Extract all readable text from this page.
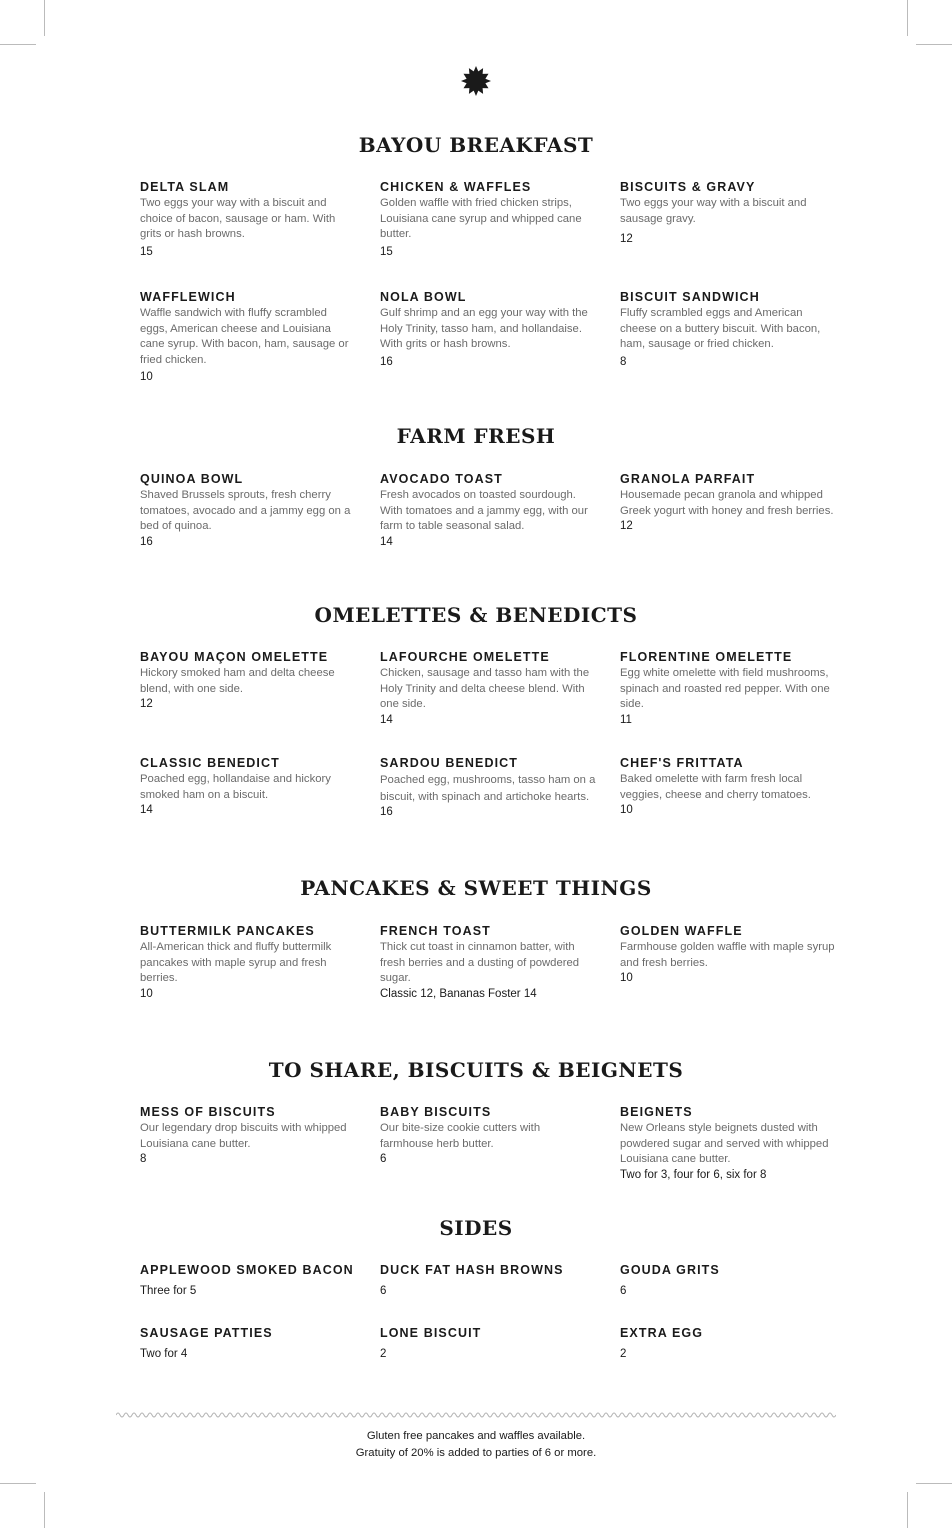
BAYOU BREAKFAST

DELTA SLAM

Two eggs your way with a biscuit and choice of bacon, sausage or ham. With grits or hash browns.

15

CHICKEN & WAFFLES

Golden waffle with fried chicken strips, Louisiana cane syrup and whipped cane butter.

15

BISCUITS & GRAVY

Two eggs your way with a biscuit and sausage gravy.

12

WAFFLEWICH

Waffle sandwich with fluffy scrambled eggs, American cheese and Louisiana cane syrup. With bacon, ham, sausage or fried chicken.

10

NOLA BOWL

Gulf shrimp and an egg your way with the Holy Trinity, tasso ham, and hollandaise. With grits or hash browns.

16

BISCUIT SANDWICH

Fluffy scrambled eggs and American cheese on a buttery biscuit. With bacon, ham, sausage or fried chicken.

8

FARM FRESH

QUINOA BOWL

Shaved Brussels sprouts, fresh cherry tomatoes, avocado and a jammy egg on a bed of quinoa.

16

AVOCADO TOAST

Fresh avocados on toasted sourdough. With tomatoes and a jammy egg, with our farm to table seasonal salad.

14

GRANOLA PARFAIT

Housemade pecan granola and whipped Greek yogurt with honey and fresh berries.

12

OMELETTES & BENEDICTS

BAYOU MAÇON OMELETTE

Hickory smoked ham and delta cheese blend, with one side.

12

LAFOURCHE OMELETTE

Chicken, sausage and tasso ham with the Holy Trinity and delta cheese blend. With one side.

14

FLORENTINE OMELETTE

Egg white omelette with field mushrooms, spinach and roasted red pepper. With one side.

11

CLASSIC BENEDICT

Poached egg, hollandaise and hickory smoked ham on a biscuit.

14

SARDOU BENEDICT

Poached egg, mushrooms, tasso ham on a biscuit, with spinach and artichoke hearts.

16

CHEF'S FRITTATA

Baked omelette with farm fresh local veggies, cheese and cherry tomatoes.

10

PANCAKES & SWEET THINGS

BUTTERMILK PANCAKES

All-American thick and fluffy buttermilk pancakes with maple syrup and fresh berries.

10

FRENCH TOAST

Thick cut toast in cinnamon batter, with fresh berries and a dusting of powdered sugar.

Classic 12, Bananas Foster 14

GOLDEN WAFFLE

Farmhouse golden waffle with maple syrup and fresh berries.

10

TO SHARE, BISCUITS & BEIGNETS

MESS OF BISCUITS

Our legendary drop biscuits with whipped Louisiana cane butter.

8

BABY BISCUITS

Our bite-size cookie cutters with farmhouse herb butter.

6

BEIGNETS

New Orleans style beignets dusted with powdered sugar and served with whipped Louisiana cane butter.

Two for 3, four for 6, six for 8

SIDES

APPLEWOOD SMOKED BACON

Three for 5

DUCK FAT HASH BROWNS

6

GOUDA GRITS

6

SAUSAGE PATTIES

Two for 4

LONE BISCUIT

2

EXTRA EGG

2

Gluten free pancakes and waffles available.

Gratuity of 20% is added to parties of 6 or more.
